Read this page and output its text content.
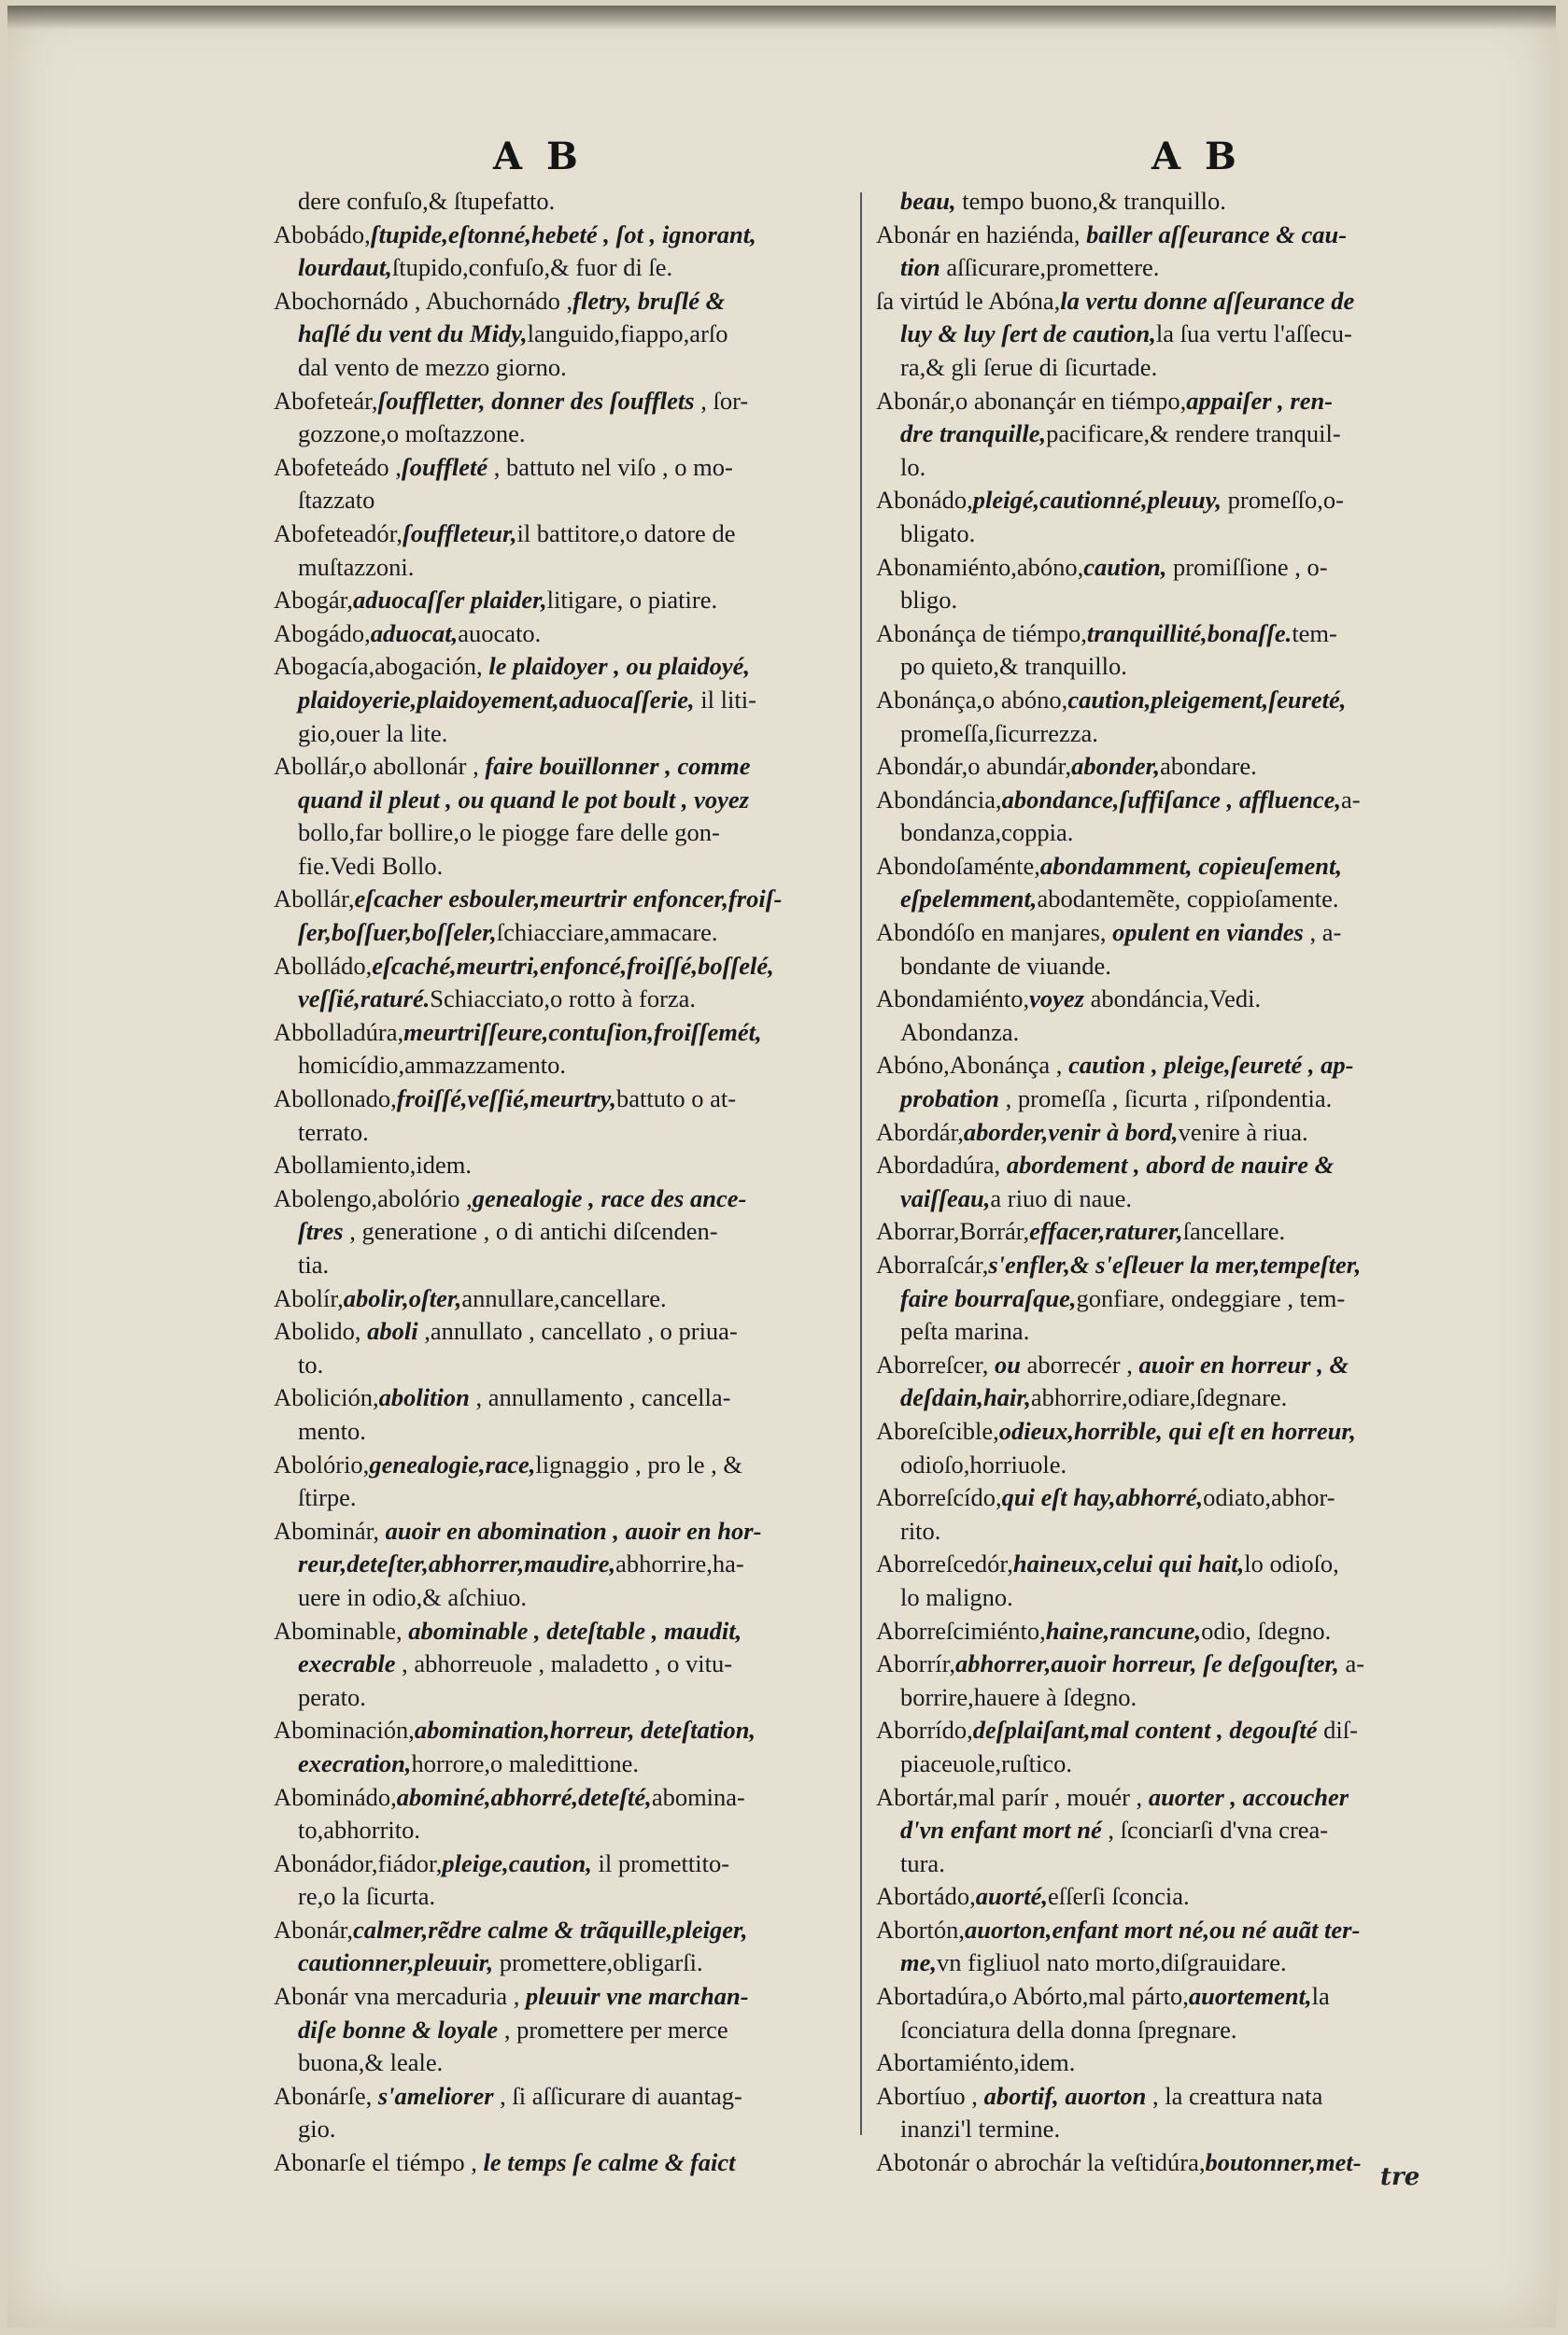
A B	A B
dere confuſo,& ſtupefatto.
Abobádo,ſtupide,eſtonné,hebeté , ſot , ignorant,
lourdaut,ſtupido,confuſo,& fuor di ſe.
Abochornádo , Abuchornádo ,fletry, bruſlé &
haſlé du vent du Midy,languido,fiappo,arſo
dal vento de mezzo giorno.
Abofeteár,ſouffletter, donner des ſoufflets , ſor-
gozzone,o moſtazzone.
Abofeteádo ,ſouffleté , battuto nel viſo , o mo-
ſtazzato
Abofeteadór,ſouffleteur,il battitore,o datore de
muſtazzoni.
Abogár,aduocaſſer plaider,litigare, o piatire.
Abogádo,aduocat,auocato.
Abogacía,abogación, le plaidoyer , ou plaidoyé,
plaidoyerie,plaidoyement,aduocaſſerie, il liti-
gio,ouer la lite.
Abollár,o abollonár , faire bouïllonner , comme
quand il pleut , ou quand le pot boult , voyez
bollo,far bollire,o le piogge fare delle gon-
fie.Vedi Bollo.
Abollár,eſcacher esbouler,meurtrir enfoncer,froiſ-
ſer,boſſuer,boſſeler,ſchiacciare,ammacare.
Abolládo,eſcaché,meurtri,enfoncé,froiſſé,boſſelé,
veſſié,raturé.Schiacciato,o rotto à forza.
Abbolladúra,meurtriſſeure,contuſion,froiſſemét,
homicídio,ammazzamento.
Abollonado,froiſſé,veſſié,meurtry,battuto o at-
terrato.
Abollamiento,idem.
Abolengo,abolório ,genealogie , race des ance-
ſtres , generatione , o di antichi diſcenden-
tia.
Abolír,abolir,oſter,annullare,cancellare.
Abolido, aboli ,annullato , cancellato , o priua-
to.
Abolición,abolition , annullamento , cancella-
mento.
Abolório,genealogie,race,lignaggio , pro le , &
ſtirpe.
Abominár, auoir en abomination , auoir en hor-
reur,deteſter,abhorrer,maudire,abhorrire,ha-
uere in odio,& aſchiuo.
Abominable, abominable , deteſtable , maudit,
execrable , abhorreuole , maladetto , o vitu-
perato.
Abominación,abomination,horreur, deteſtation,
execration,horrore,o maledittione.
Abominádo,abominé,abhorré,deteſté,abomina-
to,abhorrito.
Abonádor,fiádor,pleige,caution, il promettito-
re,o la ſicurta.
Abonár,calmer,rẽdre calme & trãquille,pleiger,
cautionner,pleuuir, promettere,obligarſi.
Abonár vna mercaduria , pleuuir vne marchan-
diſe bonne & loyale , promettere per merce
buona,& leale.
Abonárſe, s'ameliorer , ſi aſſicurare di auantag-
gio.
Abonarſe el tiémpo , le temps ſe calme & faict
beau, tempo buono,& tranquillo.
Abonár en haziénda, bailler aſſeurance & cau-
tion aſſicurare,promettere.
ſa virtúd le Abóna,la vertu donne aſſeurance de
luy & luy ſert de caution,la ſua vertu l'aſſecu-
ra,& gli ſerue di ſicurtade.
Abonár,o abonançár en tiémpo,appaiſer , ren-
dre tranquille,pacificare,& rendere tranquil-
lo.
Abonádo,pleigé,cautionné,pleuuy, promeſſo,o-
bligato.
Abonamiénto,abóno,caution, promiſſione , o-
bligo.
Abonánça de tiémpo,tranquillité,bonaſſe.tem-
po quieto,& tranquillo.
Abonánça,o abóno,caution,pleigement,ſeureté,
promeſſa,ſicurrezza.
Abondár,o abundár,abonder,abondare.
Abondáncia,abondance,ſuffiſance , affluence,a-
bondanza,coppia.
Abondoſaménte,abondamment, copieuſement,
eſpelemment,abodantemẽte, coppioſamente.
Abondóſo en manjares, opulent en viandes , a-
bondante de viuande.
Abondamiénto,voyez abondáncia,Vedi.
Abondanza.
Abóno,Abonánça , caution , pleige,ſeureté , ap-
probation , promeſſa , ſicurta , riſpondentia.
Abordár,aborder,venir à bord,venire à riua.
Abordadúra, abordement , abord de nauire &
vaiſſeau,a riuo di naue.
Aborrar,Borrár,effacer,raturer,ſancellare.
Aborraſcár,s'enfler,& s'eſleuer la mer,tempeſter,
faire bourraſque,gonfiare, ondeggiare , tem-
peſta marina.
Aborreſcer, ou aborrecér , auoir en horreur , &
deſdain,hair,abhorrire,odiare,ſdegnare.
Aboreſcible,odieux,horrible, qui eſt en horreur,
odioſo,horriuole.
Aborreſcído,qui eſt hay,abhorré,odiato,abhor-
rito.
Aborreſcedór,haineux,celui qui hait,lo odioſo,
lo maligno.
Aborreſcimiénto,haine,rancune,odio, ſdegno.
Aborrír,abhorrer,auoir horreur, ſe deſgouſter, a-
borrire,hauere à ſdegno.
Aborrído,deſplaiſant,mal content , degouſté diſ-
piaceuole,ruſtico.
Abortár,mal parír , mouér , auorter , accoucher
d'vn enfant mort né , ſconciarſi d'vna crea-
tura.
Abortádo,auorté,eſſerſi ſconcia.
Abortón,auorton,enfant mort né,ou né auãt ter-
me,vn figliuol nato morto,diſgrauidare.
Abortadúra,o Abórto,mal párto,auortement,la
ſconciatura della donna ſpregnare.
Abortamiénto,idem.
Abortíuo , abortif, auorton , la creattura nata
inanzi'l termine.
Abotonár o abrochár la veſtidúra,boutonner,met-
tre
